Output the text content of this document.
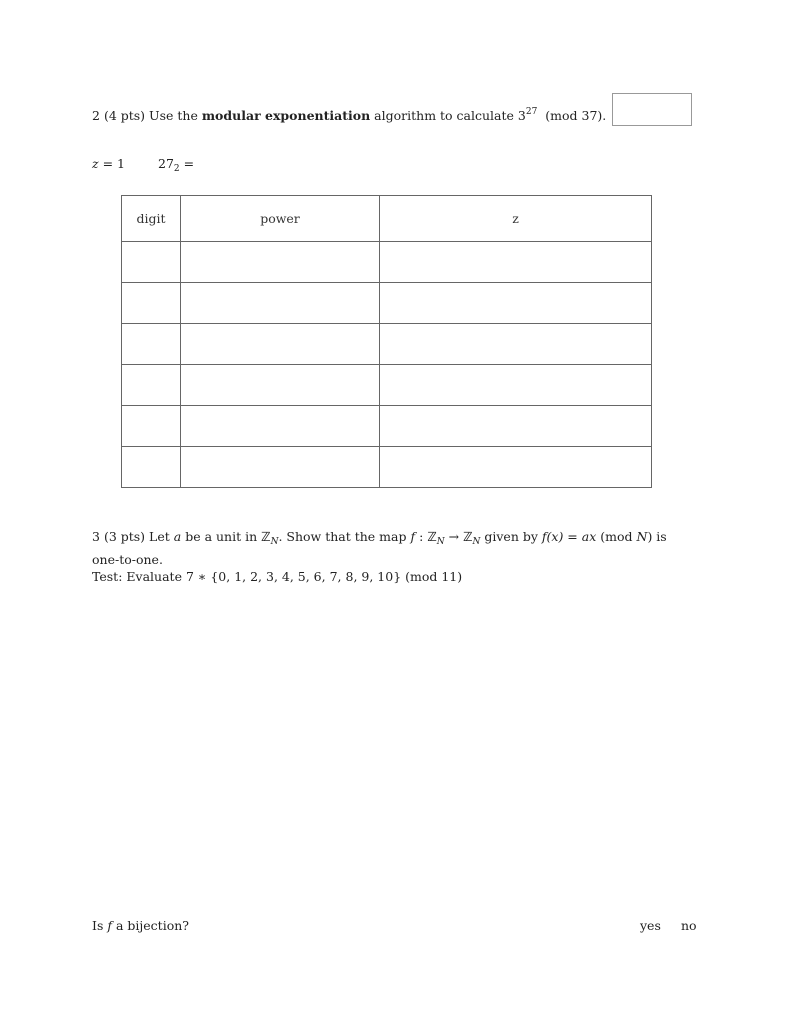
2 (4 pts) Use the modular exponentiation algorithm to calculate $3^{27}$ (mod 37).
z = 1	$27_2$ =
digit	power	z

3 (3 pts) Let a be a unit in ℤ$_N$. Show that the map f : ℤ$_N$ → ℤ$_N$ given by f(x) = ax (mod N) is
one-to-one.
Test: Evaluate 7 ∗ {0, 1, 2, 3, 4, 5, 6, 7, 8, 9, 10} (mod 11)
Is f a bijection?	yes no
